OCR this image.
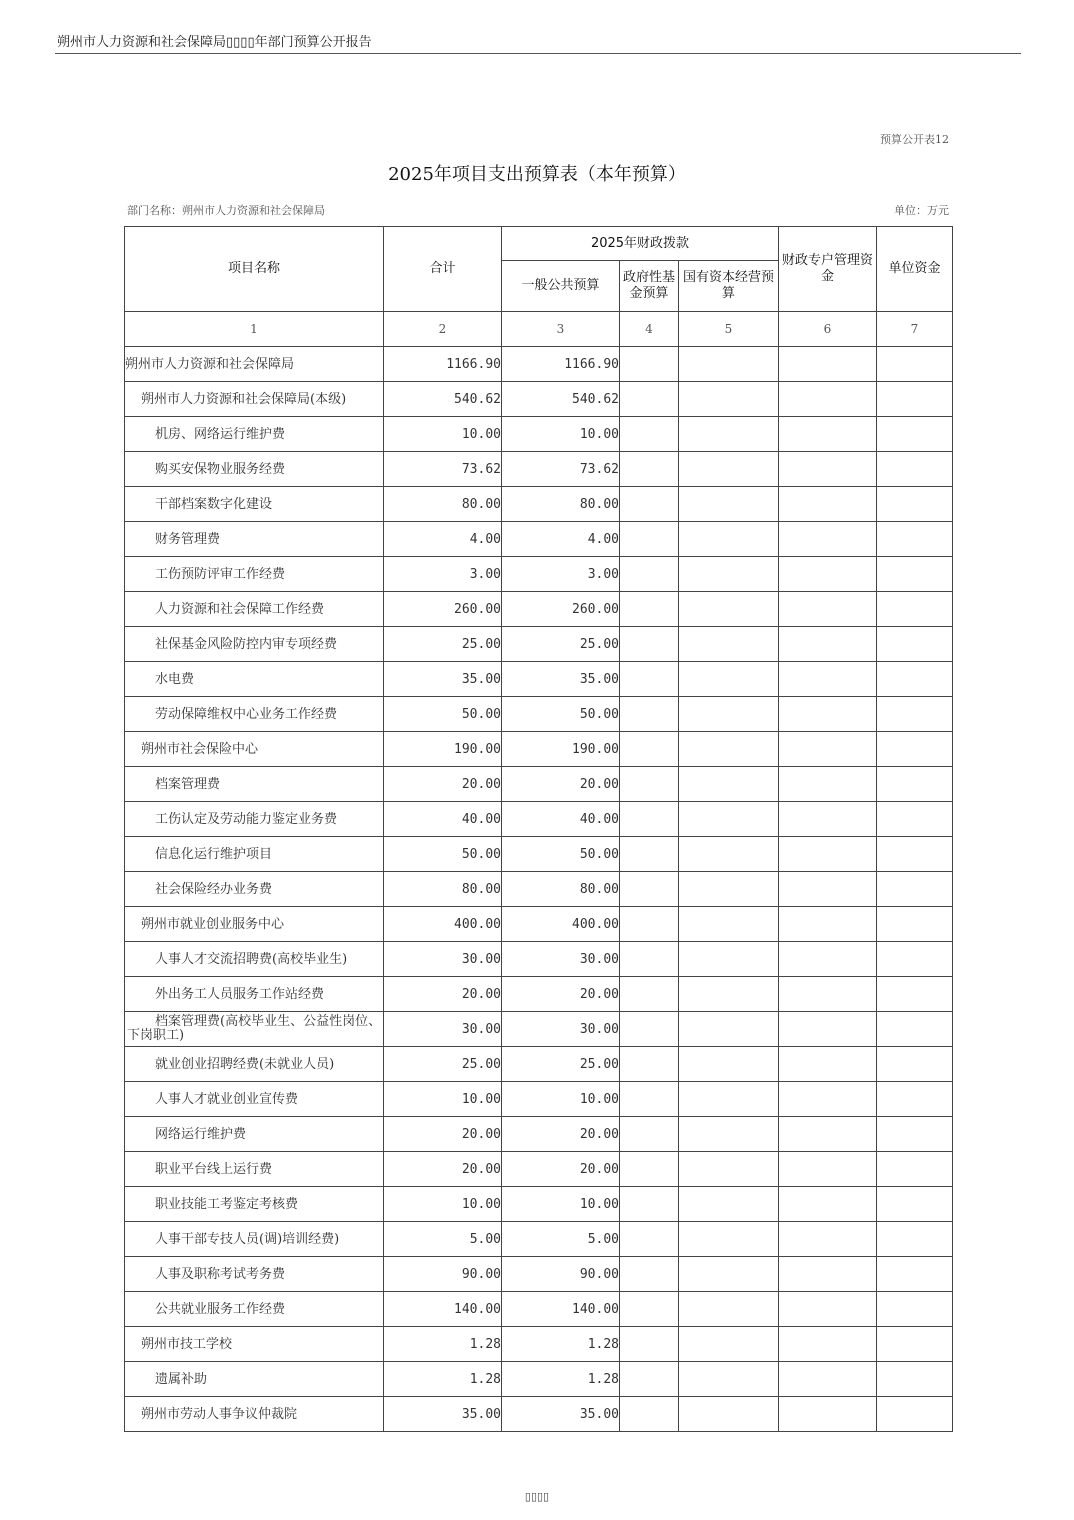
朔州市人力资源和社会保障局▯▯▯▯年部门预算公开报告
预算公开表12
2025年项目支出预算表（本年预算）
部门名称：朔州市人力资源和社会保障局	单位：万元
项目名称	合计	2025年财政拨款			财政专户管理资金	单位资金
		一般公共预算	政府性基金预算	国有资本经营预算		
1	2	3	4	5	6	7
朔州市人力资源和社会保障局	1166.90	1166.90				
朔州市人力资源和社会保障局(本级)	540.62	540.62				
机房、网络运行维护费	10.00	10.00				
购买安保物业服务经费	73.62	73.62				
干部档案数字化建设	80.00	80.00				
财务管理费	4.00	4.00				
工伤预防评审工作经费	3.00	3.00				
人力资源和社会保障工作经费	260.00	260.00				
社保基金风险防控内审专项经费	25.00	25.00				
水电费	35.00	35.00				
劳动保障维权中心业务工作经费	50.00	50.00				
朔州市社会保险中心	190.00	190.00				
档案管理费	20.00	20.00				
工伤认定及劳动能力鉴定业务费	40.00	40.00				
信息化运行维护项目	50.00	50.00				
社会保险经办业务费	80.00	80.00				
朔州市就业创业服务中心	400.00	400.00				
人事人才交流招聘费(高校毕业生)	30.00	30.00				
外出务工人员服务工作站经费	20.00	20.00				
档案管理费(高校毕业生、公益性岗位、下岗职工)	30.00	30.00				
就业创业招聘经费(未就业人员)	25.00	25.00				
人事人才就业创业宣传费	10.00	10.00				
网络运行维护费	20.00	20.00				
职业平台线上运行费	20.00	20.00				
职业技能工考鉴定考核费	10.00	10.00				
人事干部专技人员(调)培训经费)	5.00	5.00				
人事及职称考试考务费	90.00	90.00				
公共就业服务工作经费	140.00	140.00				
朔州市技工学校	1.28	1.28				
遗属补助	1.28	1.28				
朔州市劳动人事争议仲裁院	35.00	35.00				
▯▯▯▯
